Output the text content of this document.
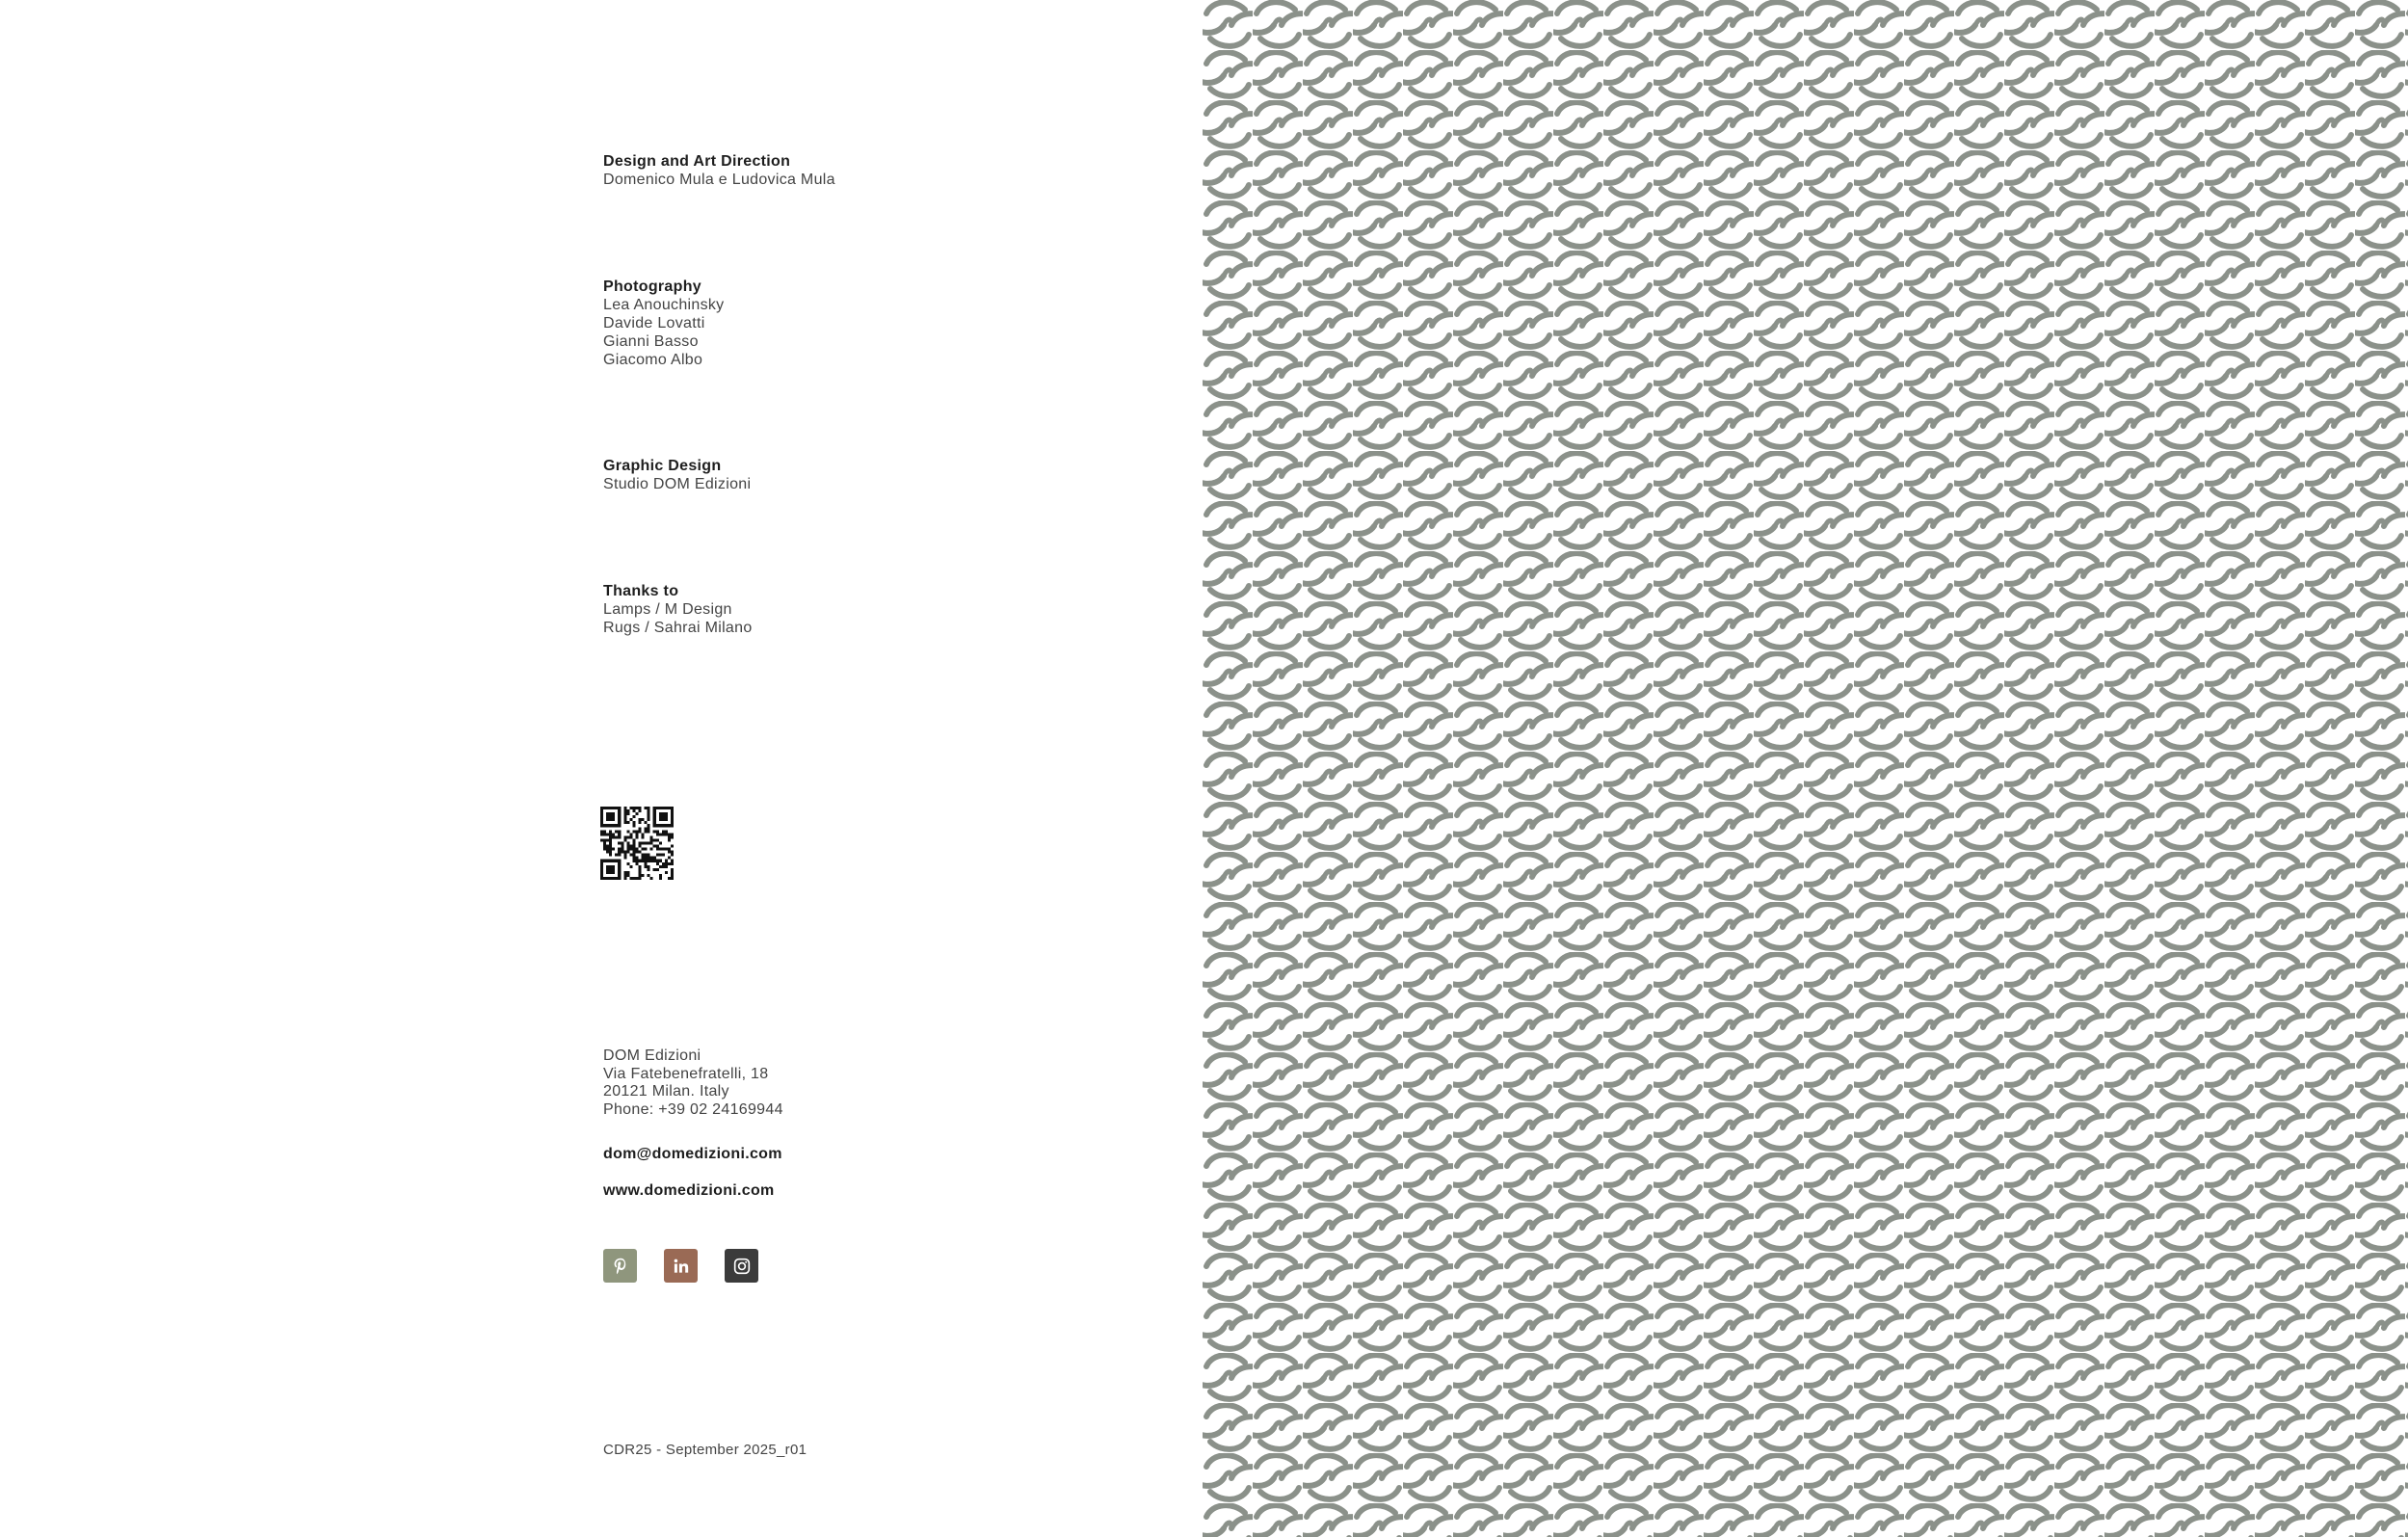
Design and Art Direction
Domenico Mula e Ludovica Mula
Photography
Lea Anouchinsky
Davide Lovatti
Gianni Basso
Giacomo Albo
Graphic Design
Studio DOM Edizioni
Thanks to
Lamps / M Design
Rugs / Sahrai Milano
DOM Edizioni
Via Fatebenefratelli, 18
20121 Milan. Italy
Phone: +39 02 24169944
dom@domedizioni.com
www.domedizioni.com
CDR25 - September 2025_r01
